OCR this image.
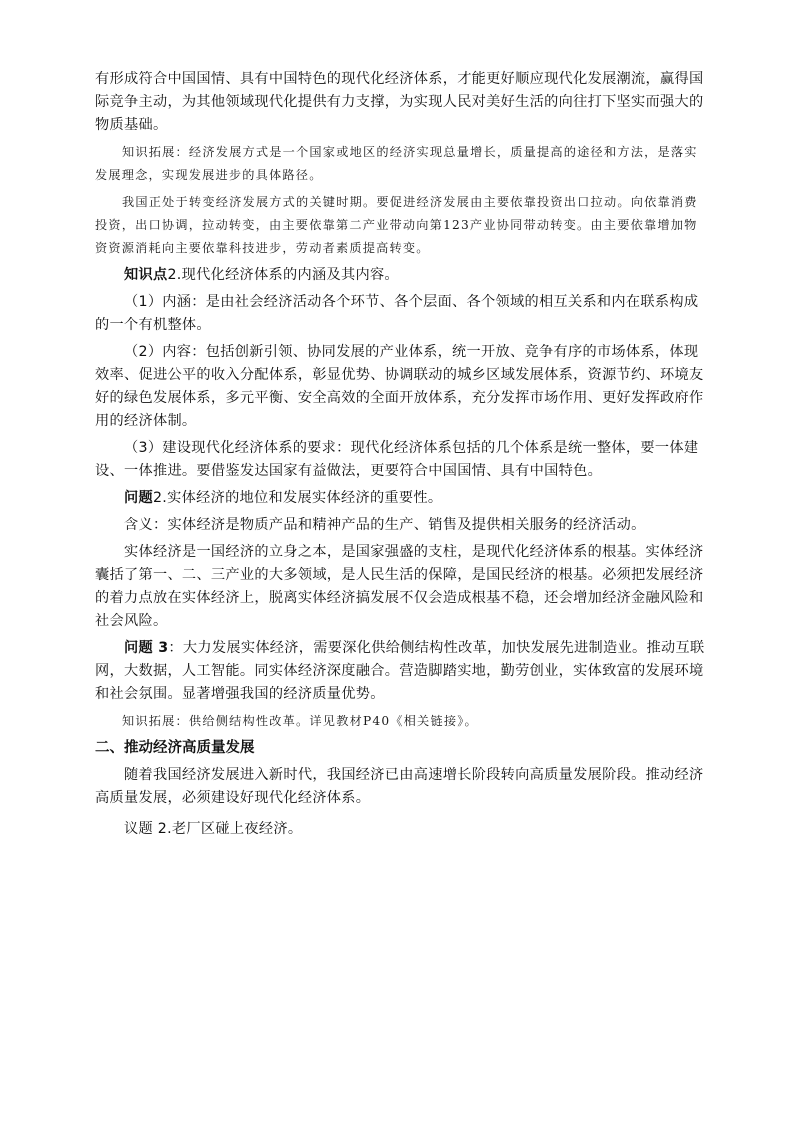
有形成符合中国国情、具有中国特色的现代化经济体系，才能更好顺应现代化发展潮流，赢得国际竞争主动，为其他领域现代化提供有力支撑，为实现人民对美好生活的向往打下坚实而强大的物质基础。

知识拓展：经济发展方式是一个国家或地区的经济实现总量增长，质量提高的途径和方法，是落实发展理念，实现发展进步的具体路径。

我国正处于转变经济发展方式的关键时期。要促进经济发展由主要依靠投资出口拉动。向依靠消费投资，出口协调，拉动转变，由主要依靠第二产业带动向第123产业协同带动转变。由主要依靠增加物资资源消耗向主要依靠科技进步，劳动者素质提高转变。

知识点2.现代化经济体系的内涵及其内容。

（1）内涵：是由社会经济活动各个环节、各个层面、各个领域的相互关系和内在联系构成的一个有机整体。

（2）内容：包括创新引领、协同发展的产业体系，统一开放、竞争有序的市场体系，体现效率、促进公平的收入分配体系，彰显优势、协调联动的城乡区域发展体系，资源节约、环境友好的绿色发展体系，多元平衡、安全高效的全面开放体系，充分发挥市场作用、更好发挥政府作用的经济体制。

（3）建设现代化经济体系的要求：现代化经济体系包括的几个体系是统一整体，要一体建设、一体推进。要借鉴发达国家有益做法，更要符合中国国情、具有中国特色。

问题2.实体经济的地位和发展实体经济的重要性。

含义：实体经济是物质产品和精神产品的生产、销售及提供相关服务的经济活动。

实体经济是一国经济的立身之本，是国家强盛的支柱，是现代化经济体系的根基。实体经济囊括了第一、二、三产业的大多领域，是人民生活的保障，是国民经济的根基。必须把发展经济的着力点放在实体经济上，脱离实体经济搞发展不仅会造成根基不稳，还会增加经济金融风险和社会风险。

问题 3：大力发展实体经济，需要深化供给侧结构性改革，加快发展先进制造业。推动互联网，大数据，人工智能。同实体经济深度融合。营造脚踏实地，勤劳创业，实体致富的发展环境和社会氛围。显著增强我国的经济质量优势。

知识拓展：供给侧结构性改革。详见教材P40《相关链接》。

二、推动经济高质量发展

随着我国经济发展进入新时代，我国经济已由高速增长阶段转向高质量发展阶段。推动经济高质量发展，必须建设好现代化经济体系。

议题 2.老厂区碰上夜经济。
